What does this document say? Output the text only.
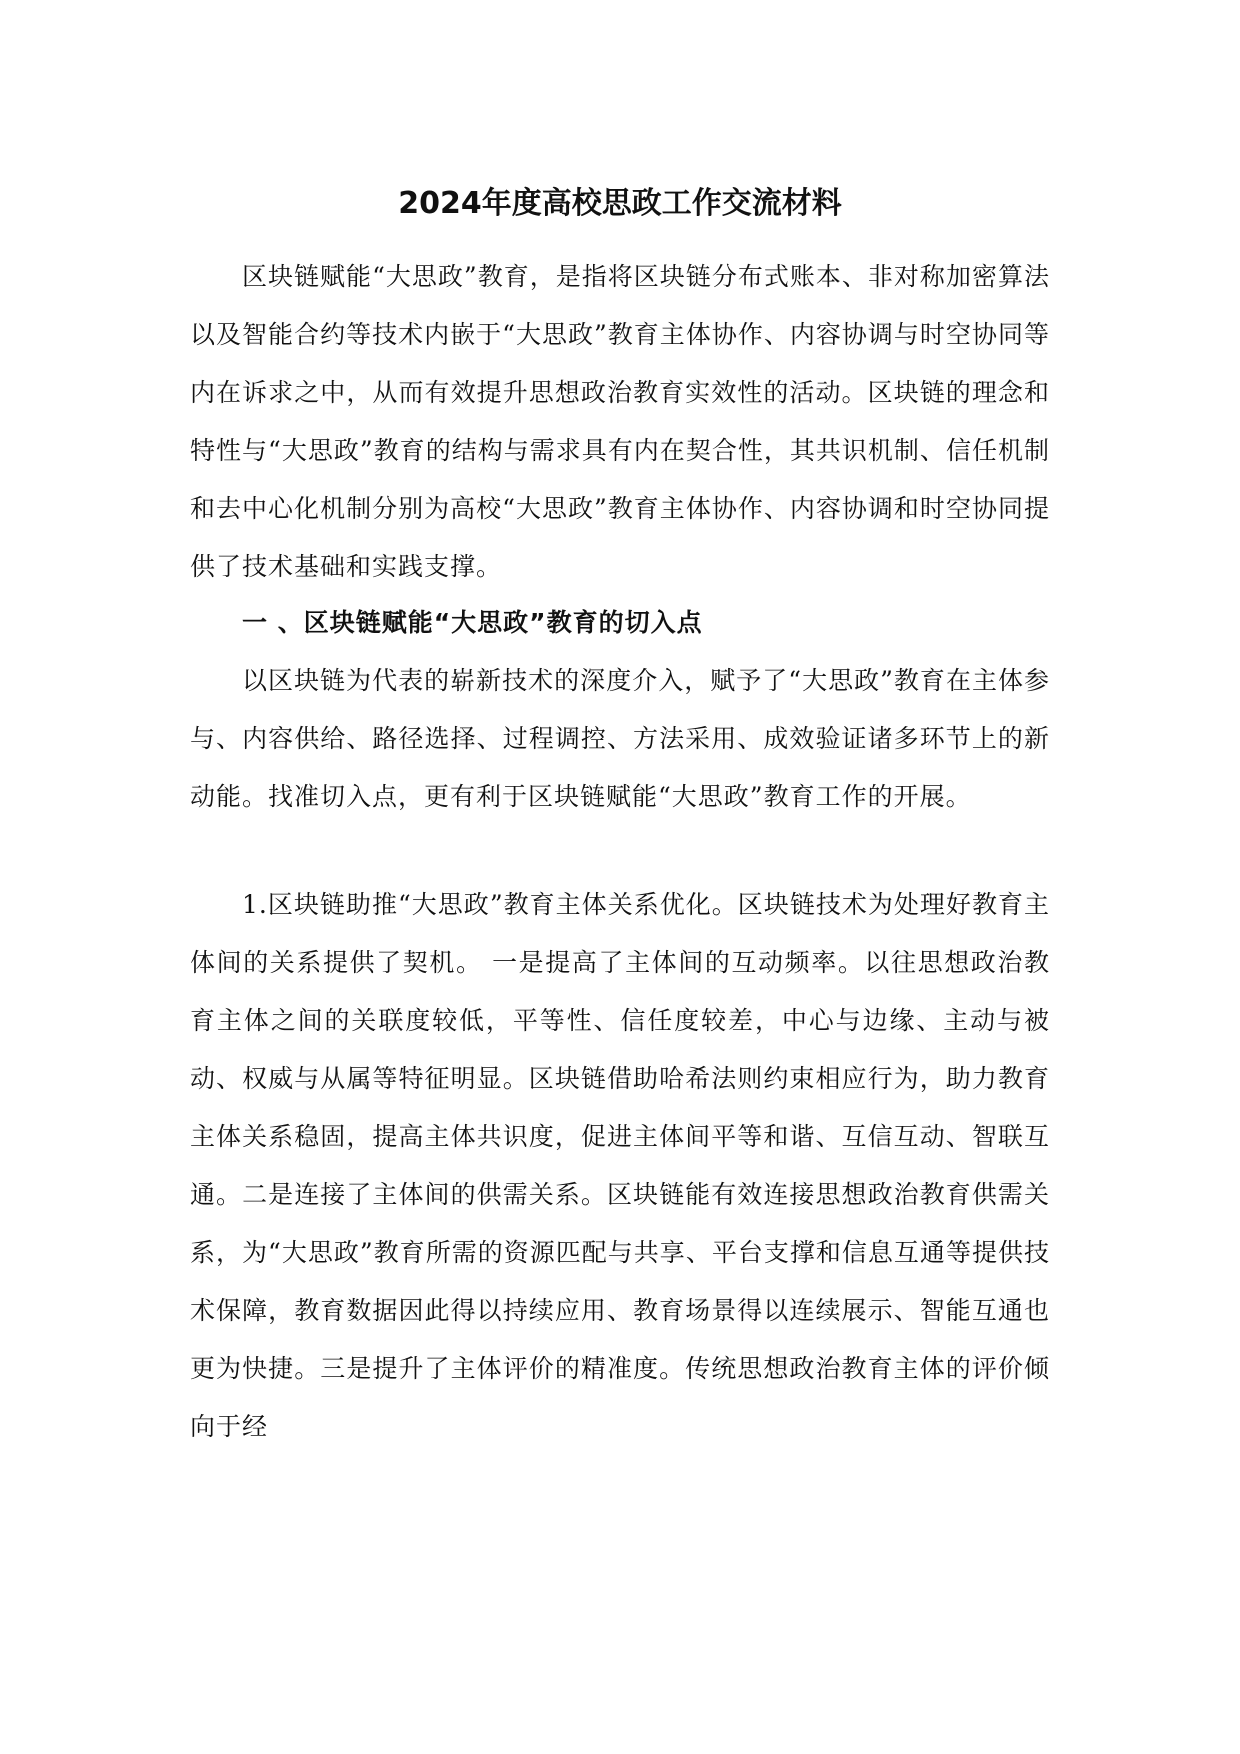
2024年度高校思政工作交流材料

区块链赋能“大思政”教育，是指将区块链分布式账本、非对称加密算法以及智能合约等技术内嵌于“大思政”教育主体协作、内容协调与时空协同等内在诉求之中，从而有效提升思想政治教育实效性的活动。区块链的理念和特性与“大思政”教育的结构与需求具有内在契合性，其共识机制、信任机制和去中心化机制分别为高校“大思政”教育主体协作、内容协调和时空协同提供了技术基础和实践支撑。

一 、区块链赋能“大思政”教育的切入点

以区块链为代表的崭新技术的深度介入，赋予了“大思政”教育在主体参与、内容供给、路径选择、过程调控、方法采用、成效验证诸多环节上的新动能。找准切入点，更有利于区块链赋能“大思政”教育工作的开展。

1.区块链助推“大思政”教育主体关系优化。区块链技术为处理好教育主体间的关系提供了契机。 一是提高了主体间的互动频率。以往思想政治教育主体之间的关联度较低，平等性、信任度较差，中心与边缘、主动与被动、权威与从属等特征明显。区块链借助哈希法则约束相应行为，助力教育主体关系稳固，提高主体共识度，促进主体间平等和谐、互信互动、智联互通。二是连接了主体间的供需关系。区块链能有效连接思想政治教育供需关系，为“大思政”教育所需的资源匹配与共享、平台支撑和信息互通等提供技术保障，教育数据因此得以持续应用、教育场景得以连续展示、智能互通也更为快捷。三是提升了主体评价的精准度。传统思想政治教育主体的评价倾向于经
